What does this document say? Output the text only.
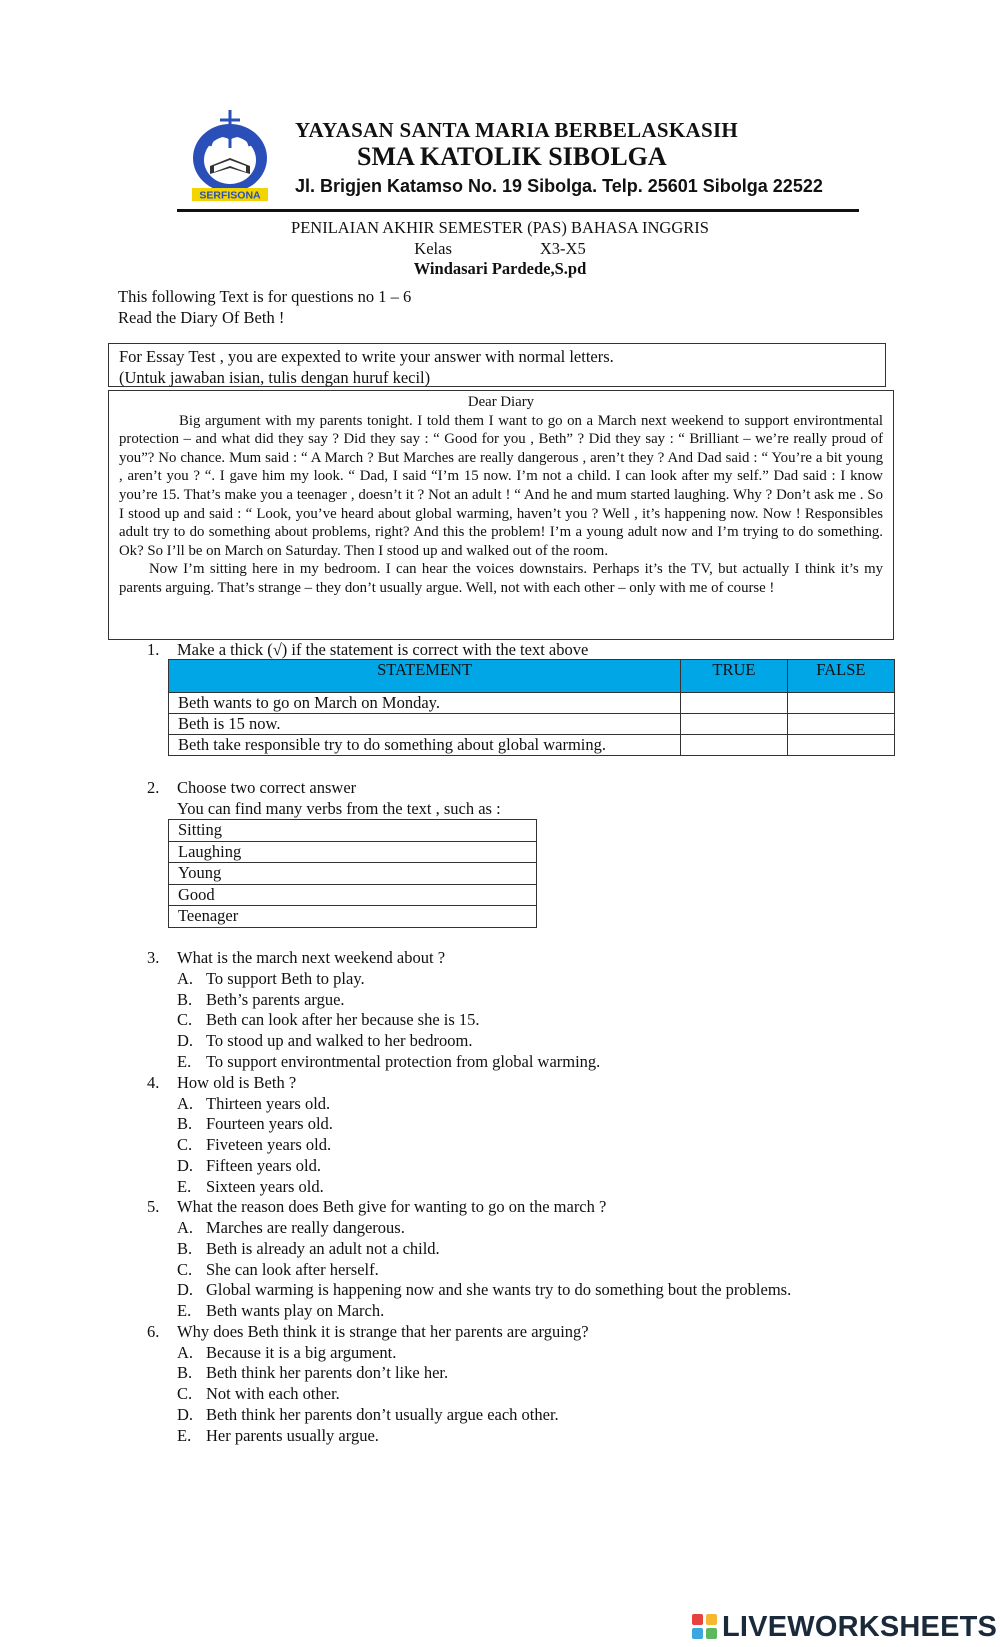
SERFISONA
YAYASAN SANTA MARIA BERBELASKASIH
SMA KATOLIK SIBOLGA
Jl. Brigjen Katamso No. 19 Sibolga. Telp. 25601 Sibolga 22522
PENILAIAN AKHIR SEMESTER (PAS) BAHASA INGGRIS
Kelas	X3-X5
Windasari Pardede,S.pd
This following Text is for questions no 1 – 6
Read the Diary Of Beth !
For Essay Test , you are expexted to write your answer with normal letters.
(Untuk jawaban isian, tulis dengan huruf kecil)
Dear Diary

Big argument with my parents tonight. I told them I want to go on a March next weekend to support environtmental protection – and what did they say ? Did they say : “ Good for you , Beth” ? Did they say : “ Brilliant – we’re really proud of you”? No chance. Mum said : “ A March ? But Marches are really dangerous , aren’t they ? And Dad said : “ You’re a bit young , aren’t you ? “. I gave him my look. “ Dad, I said “I’m 15 now. I’m not a child. I can look after my self.” Dad said : I know you’re 15. That’s make you a teenager , doesn’t it ? Not an adult ! “ And he and mum started laughing. Why ? Don’t ask me . So I stood up and said : “ Look, you’ve heard about global warming, haven’t you ? Well , it’s happening now. Now ! Responsibles adult try to do something about problems, right? And this the problem! I’m a young adult now and I’m trying to do something. Ok? So I’ll be on March on Saturday. Then I stood up and walked out of the room.

Now I’m sitting here in my bedroom. I can hear the voices downstairs. Perhaps it’s the TV, but actually I think it’s my parents arguing. That’s strange – they don’t usually argue. Well, not with each other – only with me of course !

1. Make a thick (√) if the statement is correct with the text above
STATEMENT	TRUE	FALSE
Beth wants to go on March on Monday.		
Beth is 15 now.		
Beth take responsible try to do something about global warming.		
2. Choose two correct answer
You can find many verbs from the text , such as :
Sitting
Laughing
Young
Good
Teenager
3. What is the march next weekend about ?
A. To support Beth to play.
B. Beth’s parents argue.
C. Beth can look after her because she is 15.
D. To stood up and walked to her bedroom.
E. To support environtmental protection from global warming.
4. How old is Beth ?
A. Thirteen years old.
B. Fourteen years old.
C. Fiveteen years old.
D. Fifteen years old.
E. Sixteen years old.
5. What the reason does Beth give for wanting to go on the march ?
A. Marches are really dangerous.
B. Beth is already an adult not a child.
C. She can look after herself.
D. Global warming is happening now and she wants try to do something bout the problems.
E. Beth wants play on March.
6. Why does Beth think it is strange that her parents are arguing?
A. Because it is a big argument.
B. Beth think her parents don’t like her.
C. Not with each other.
D. Beth think her parents don’t usually argue each other.
E. Her parents usually argue.
LIVEWORKSHEETS
